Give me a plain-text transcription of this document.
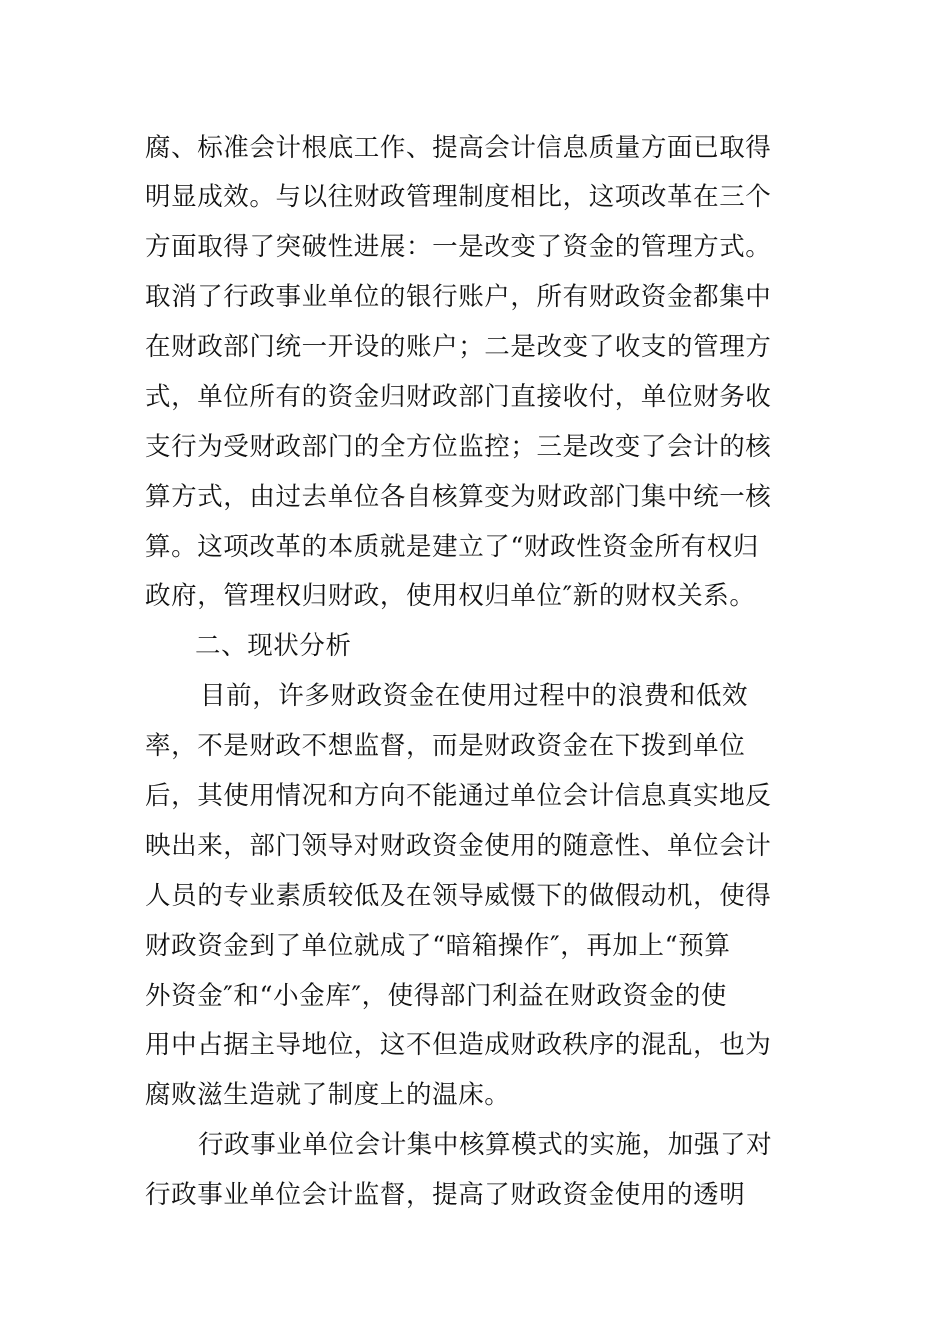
腐、标准会计根底工作、提高会计信息质量方面已取得
明显成效。与以往财政管理制度相比，这项改革在三个
方面取得了突破性进展：一是改变了资金的管理方式。
取消了行政事业单位的银行账户，所有财政资金都集中
在财政部门统一开设的账户；二是改变了收支的管理方
式，单位所有的资金归财政部门直接收付，单位财务收
支行为受财政部门的全方位监控；三是改变了会计的核
算方式，由过去单位各自核算变为财政部门集中统一核
算。这项改革的本质就是建立了“财政性资金所有权归
政府，管理权归财政，使用权归单位″新的财权关系。
二、现状分析
目前，许多财政资金在使用过程中的浪费和低效
率，不是财政不想监督，而是财政资金在下拨到单位
后，其使用情况和方向不能通过单位会计信息真实地反
映出来，部门领导对财政资金使用的随意性、单位会计
人员的专业素质较低及在领导威慑下的做假动机，使得
财政资金到了单位就成了“暗箱操作″，再加上“预算
外资金″和“小金库″，使得部门利益在财政资金的使
用中占据主导地位，这不但造成财政秩序的混乱，也为
腐败滋生造就了制度上的温床。
行政事业单位会计集中核算模式的实施，加强了对
行政事业单位会计监督，提高了财政资金使用的透明
